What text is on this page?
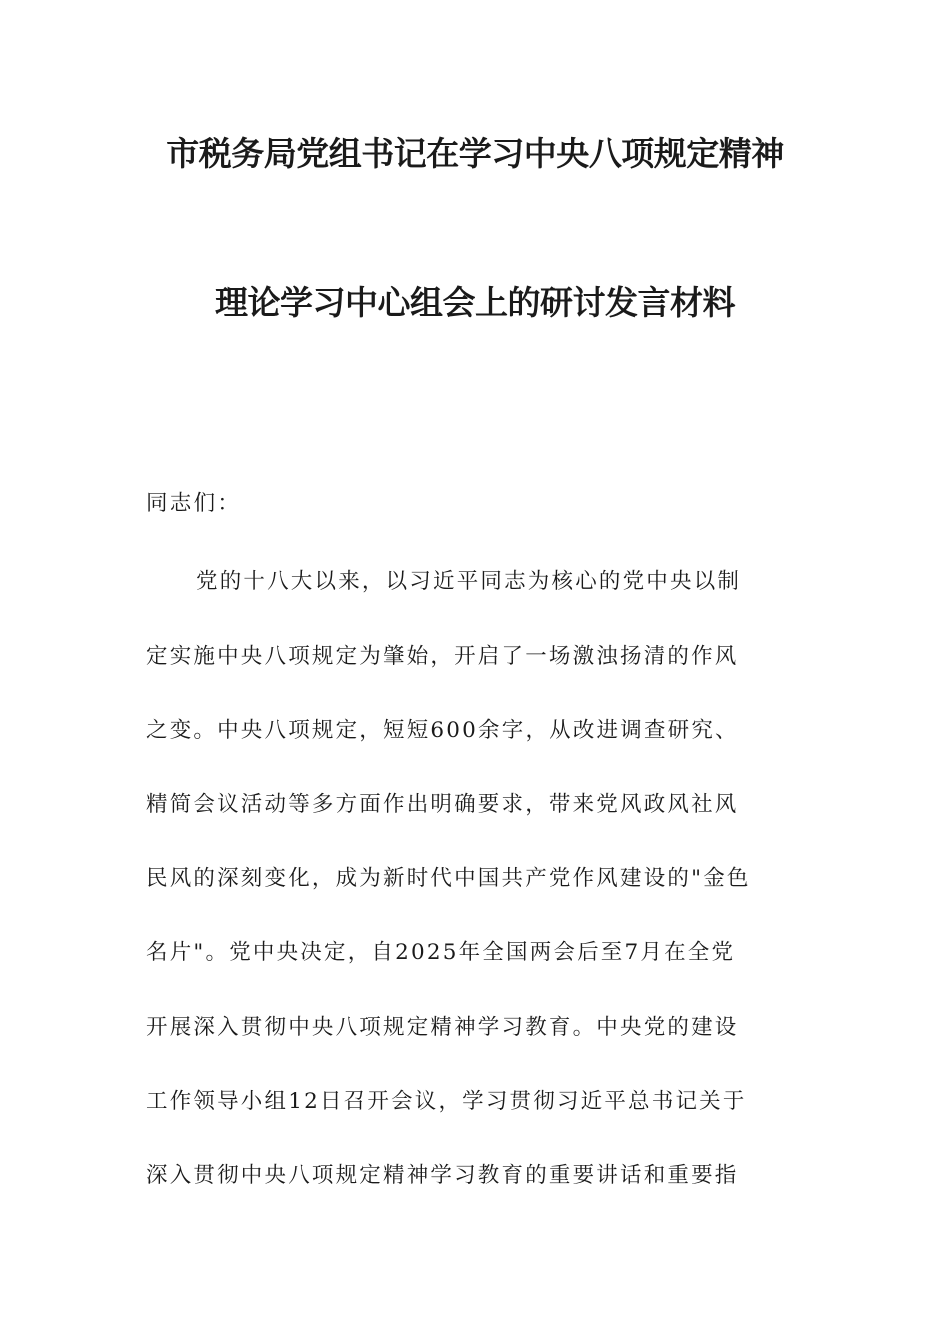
市税务局党组书记在学习中央八项规定精神
理论学习中心组会上的研讨发言材料
同志们：
党的十八大以来，以习近平同志为核心的党中央以制
定实施中央八项规定为肇始，开启了一场激浊扬清的作风
之变。中央八项规定，短短600余字，从改进调查研究、
精简会议活动等多方面作出明确要求，带来党风政风社风
民风的深刻变化，成为新时代中国共产党作风建设的"金色
名片"。党中央决定，自2025年全国两会后至7月在全党
开展深入贯彻中央八项规定精神学习教育。中央党的建设
工作领导小组12日召开会议，学习贯彻习近平总书记关于
深入贯彻中央八项规定精神学习教育的重要讲话和重要指
